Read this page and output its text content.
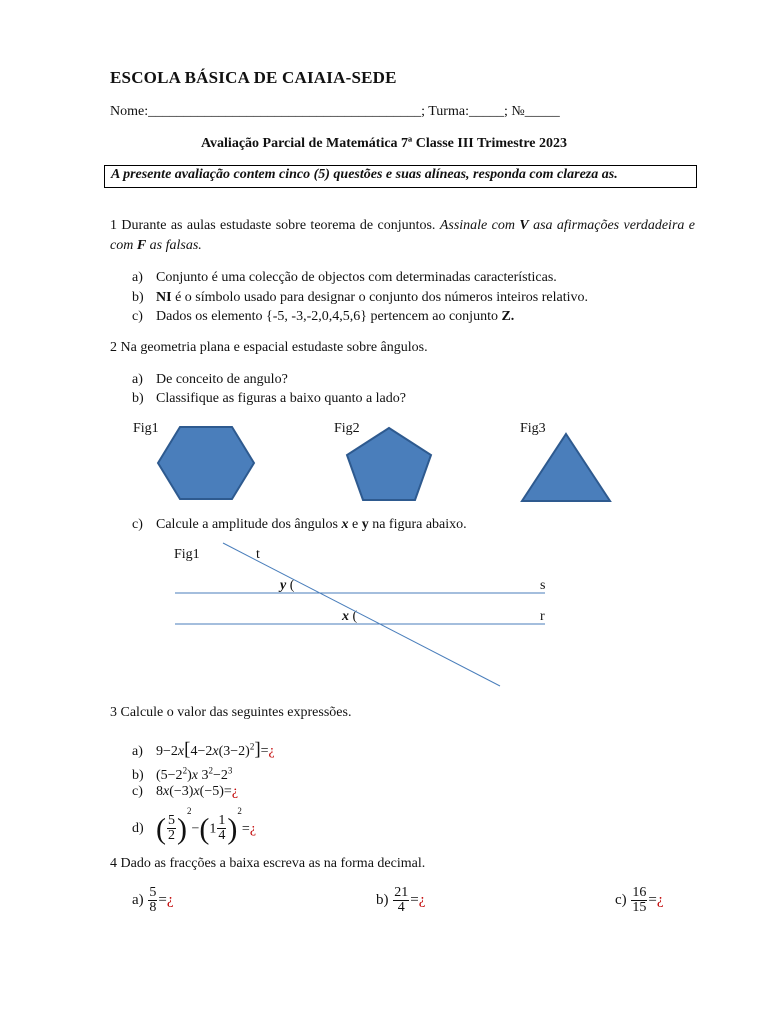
ESCOLA BÁSICA DE CAIAIA-SEDE
Nome:_______________________________________; Turma:_____; №_____
Avaliação Parcial de Matemática 7ª Classe III Trimestre 2023
A presente avaliação contem cinco (5) questões e suas alíneas, responda com clareza as.
1 Durante as aulas estudaste sobre teorema de conjuntos. Assinale com V asa afirmações verdadeira e com F as falsas.
a) Conjunto é uma colecção de objectos com determinadas características.
b) NI é o símbolo usado para designar o conjunto dos números inteiros relativo.
c) Dados os elemento {-5, -3,-2,0,4,5,6} pertencem ao conjunto Z.
2 Na geometria plana e espacial estudaste sobre ângulos.
a) De conceito de angulo?
b) Classifique as figuras a baixo quanto a lado?
Fig1	Fig2	Fig3
c) Calcule a amplitude dos ângulos x e y na figura abaixo.
Fig1	t
s
r
y (
x (
3 Calcule o valor das seguintes expressões.
a) $9-2x[4-2x(3-2)^2]=¿$
b) $(5-2^2)x$ $3^2-2^3$
c) 8x(−3)x(−5)=¿
d) ( $\frac{5}{2} )^2-(1 \frac{1}{4}$ )$^2$=¿
4 Dado as fracções a baixa escreva as na forma decimal.
$a) \frac{5}{8}$ =¿	$b) \frac{21}{4}$ =¿	$c) \frac{16}{15}$ =¿
